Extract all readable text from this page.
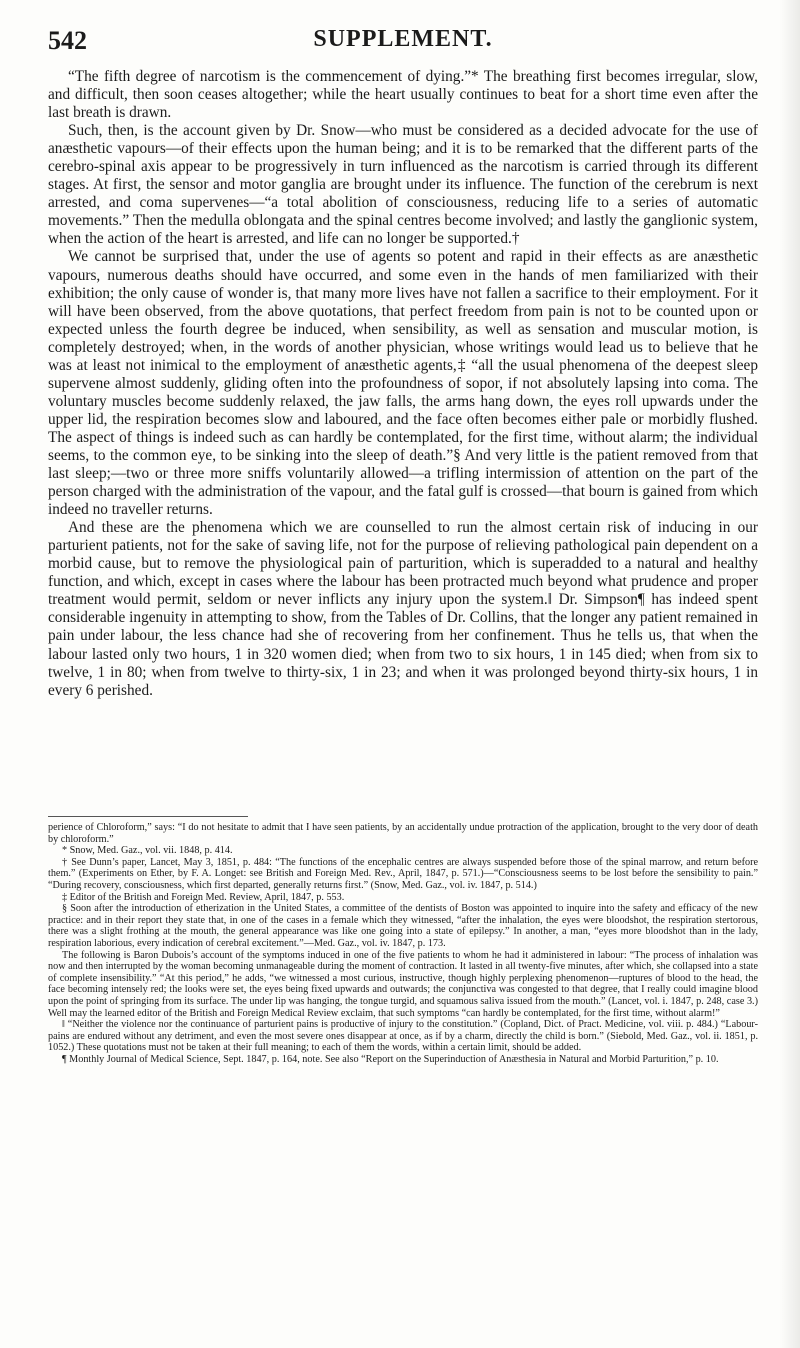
542	SUPPLEMENT.

“The fifth degree of narcotism is the commencement of dying.”* The breathing first becomes irregular, slow, and difficult, then soon ceases altogether; while the heart usually continues to beat for a short time even after the last breath is drawn.

Such, then, is the account given by Dr. Snow—who must be considered as a decided advocate for the use of anæsthetic vapours—of their effects upon the human being; and it is to be remarked that the different parts of the cerebro-spinal axis appear to be progressively in turn influenced as the narcotism is carried through its different stages. At first, the sensor and motor ganglia are brought under its influence. The function of the cerebrum is next arrested, and coma supervenes—“a total abolition of consciousness, reducing life to a series of automatic movements.” Then the medulla oblongata and the spinal centres become involved; and lastly the ganglionic system, when the action of the heart is arrested, and life can no longer be supported.†

We cannot be surprised that, under the use of agents so potent and rapid in their effects as are anæsthetic vapours, numerous deaths should have occurred, and some even in the hands of men familiarized with their exhibition; the only cause of wonder is, that many more lives have not fallen a sacrifice to their employment. For it will have been observed, from the above quotations, that perfect freedom from pain is not to be counted upon or expected unless the fourth degree be induced, when sensibility, as well as sensation and muscular motion, is completely destroyed; when, in the words of another physician, whose writings would lead us to believe that he was at least not inimical to the employment of anæsthetic agents,‡ “all the usual phenomena of the deepest sleep supervene almost suddenly, gliding often into the profoundness of sopor, if not absolutely lapsing into coma. The voluntary muscles become suddenly relaxed, the jaw falls, the arms hang down, the eyes roll upwards under the upper lid, the respiration becomes slow and laboured, and the face often becomes either pale or morbidly flushed. The aspect of things is indeed such as can hardly be contemplated, for the first time, without alarm; the individual seems, to the common eye, to be sinking into the sleep of death.”§ And very little is the patient removed from that last sleep;—two or three more sniffs voluntarily allowed—a trifling intermission of attention on the part of the person charged with the administration of the vapour, and the fatal gulf is crossed—that bourn is gained from which indeed no traveller returns.

And these are the phenomena which we are counselled to run the almost certain risk of inducing in our parturient patients, not for the sake of saving life, not for the purpose of relieving pathological pain dependent on a morbid cause, but to remove the physiological pain of parturition, which is superadded to a natural and healthy function, and which, except in cases where the labour has been protracted much beyond what prudence and proper treatment would permit, seldom or never inflicts any injury upon the system.‖ Dr. Simpson¶ has indeed spent considerable ingenuity in attempting to show, from the Tables of Dr. Collins, that the longer any patient remained in pain under labour, the less chance had she of recovering from her confinement. Thus he tells us, that when the labour lasted only two hours, 1 in 320 women died; when from two to six hours, 1 in 145 died; when from six to twelve, 1 in 80; when from twelve to thirty-six, 1 in 23; and when it was prolonged beyond thirty-six hours, 1 in every 6 perished.

perience of Chloroform,” says: “I do not hesitate to admit that I have seen patients, by an accidentally undue protraction of the application, brought to the very door of death by chloroform.”

* Snow, Med. Gaz., vol. vii. 1848, p. 414.

† See Dunn’s paper, Lancet, May 3, 1851, p. 484: “The functions of the encephalic centres are always suspended before those of the spinal marrow, and return before them.” (Experiments on Ether, by F. A. Longet: see British and Foreign Med. Rev., April, 1847, p. 571.)—“Consciousness seems to be lost before the sensibility to pain.” “During recovery, consciousness, which first departed, generally returns first.” (Snow, Med. Gaz., vol. iv. 1847, p. 514.)

‡ Editor of the British and Foreign Med. Review, April, 1847, p. 553.

§ Soon after the introduction of etherization in the United States, a committee of the dentists of Boston was appointed to inquire into the safety and efficacy of the new practice: and in their report they state that, in one of the cases in a female which they witnessed, “after the inhalation, the eyes were bloodshot, the respiration stertorous, there was a slight frothing at the mouth, the general appearance was like one going into a state of epilepsy.” In another, a man, “eyes more bloodshot than in the lady, respiration laborious, every indication of cerebral excitement.”—Med. Gaz., vol. iv. 1847, p. 173.

The following is Baron Dubois’s account of the symptoms induced in one of the five patients to whom he had it administered in labour: “The process of inhalation was now and then interrupted by the woman becoming unmanageable during the moment of contraction. It lasted in all twenty-five minutes, after which, she collapsed into a state of complete insensibility.” “At this period,” he adds, “we witnessed a most curious, instructive, though highly perplexing phenomenon—ruptures of blood to the head, the face becoming intensely red; the looks were set, the eyes being fixed upwards and outwards; the conjunctiva was congested to that degree, that I really could imagine blood upon the point of springing from its surface. The under lip was hanging, the tongue turgid, and squamous saliva issued from the mouth.” (Lancet, vol. i. 1847, p. 248, case 3.) Well may the learned editor of the British and Foreign Medical Review exclaim, that such symptoms “can hardly be contemplated, for the first time, without alarm!”

‖ “Neither the violence nor the continuance of parturient pains is productive of injury to the constitution.” (Copland, Dict. of Pract. Medicine, vol. viii. p. 484.) “Labour-pains are endured without any detriment, and even the most severe ones disappear at once, as if by a charm, directly the child is born.” (Siebold, Med. Gaz., vol. ii. 1851, p. 1052.) These quotations must not be taken at their full meaning; to each of them the words, within a certain limit, should be added.

¶ Monthly Journal of Medical Science, Sept. 1847, p. 164, note. See also “Report on the Superinduction of Anæsthesia in Natural and Morbid Parturition,” p. 10.
